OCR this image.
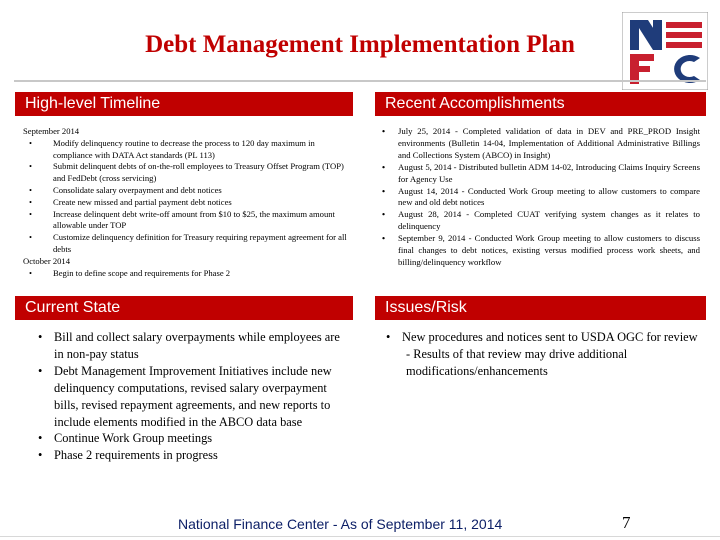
Debt Management Implementation Plan
High-level Timeline
September 2014
• Modify delinquency routine to decrease the process to 120 day maximum in compliance with DATA Act standards (PL 113)
• Submit delinquent debts of on-the-roll employees to Treasury Offset Program (TOP) and FedDebt (cross servicing)
• Consolidate salary overpayment and debt notices
• Create new missed and partial payment debt notices
• Increase delinquent debt write-off amount from $10 to $25, the maximum amount allowable under TOP
• Customize delinquency definition for Treasury requiring repayment agreement for all debts
October 2014
• Begin to define scope and requirements for Phase 2
Recent Accomplishments
• July 25, 2014 - Completed validation of data in DEV and PRE_PROD Insight environments (Bulletin 14-04, Implementation of Additional Administrative Billings and Collections System (ABCO) in Insight)
• August 5, 2014 - Distributed bulletin ADM 14-02, Introducing Claims Inquiry Screens for Agency Use
• August 14, 2014 - Conducted Work Group meeting to allow customers to compare new and old debt notices
• August 28, 2014 - Completed CUAT verifying system changes as it relates to delinquency
• September 9, 2014 - Conducted Work Group meeting to allow customers to discuss final changes to debt notices, existing versus modified process work sheets, and billing/delinquency workflow
Current State
• Bill and collect salary overpayments while employees are in non-pay status
• Debt Management Improvement Initiatives include new delinquency computations, revised salary overpayment bills, revised repayment agreements, and new reports to include elements modified in the ABCO data base
• Continue Work Group meetings
• Phase 2 requirements in progress
Issues/Risk
• New procedures and notices sent to USDA OGC for review
- Results of that review may drive additional modifications/enhancements
National Finance Center - As of September 11, 2014	7
